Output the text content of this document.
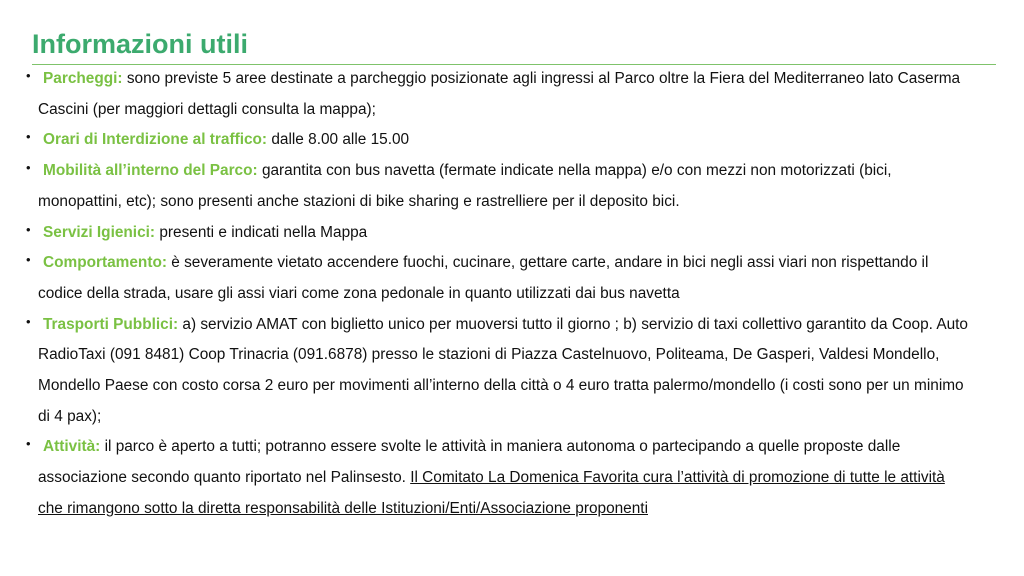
Informazioni utili
• Parcheggi: sono previste 5 aree destinate a parcheggio posizionate agli ingressi al Parco oltre la Fiera del Mediterraneo lato Caserma Cascini (per maggiori dettagli consulta la mappa);
• Orari di Interdizione al traffico: dalle 8.00 alle 15.00
• Mobilità all’interno del Parco: garantita con bus navetta (fermate indicate nella mappa) e/o con mezzi non motorizzati (bici, monopattini, etc); sono presenti anche stazioni di bike sharing e rastrelliere per il deposito bici.
• Servizi Igienici: presenti e indicati nella Mappa
• Comportamento: è severamente vietato accendere fuochi, cucinare, gettare carte, andare in bici negli assi viari non rispettando il codice della strada, usare gli assi viari come zona pedonale in quanto utilizzati dai bus navetta
• Trasporti Pubblici: a) servizio AMAT con biglietto unico per muoversi tutto il giorno ; b) servizio di taxi collettivo garantito da Coop. Auto RadioTaxi (091 8481) Coop Trinacria (091.6878) presso le stazioni di Piazza Castelnuovo, Politeama, De Gasperi, Valdesi Mondello, Mondello Paese con costo corsa 2 euro per movimenti all’interno della città o 4 euro tratta palermo/mondello (i costi sono per un minimo di 4 pax);
• Attività: il parco è aperto a tutti; potranno essere svolte le attività in maniera autonoma o partecipando a quelle proposte dalle associazione secondo quanto riportato nel Palinsesto. Il Comitato La Domenica Favorita cura l’attività di promozione di tutte le attività che rimangono sotto la diretta responsabilità delle Istituzioni/Enti/Associazione proponenti
